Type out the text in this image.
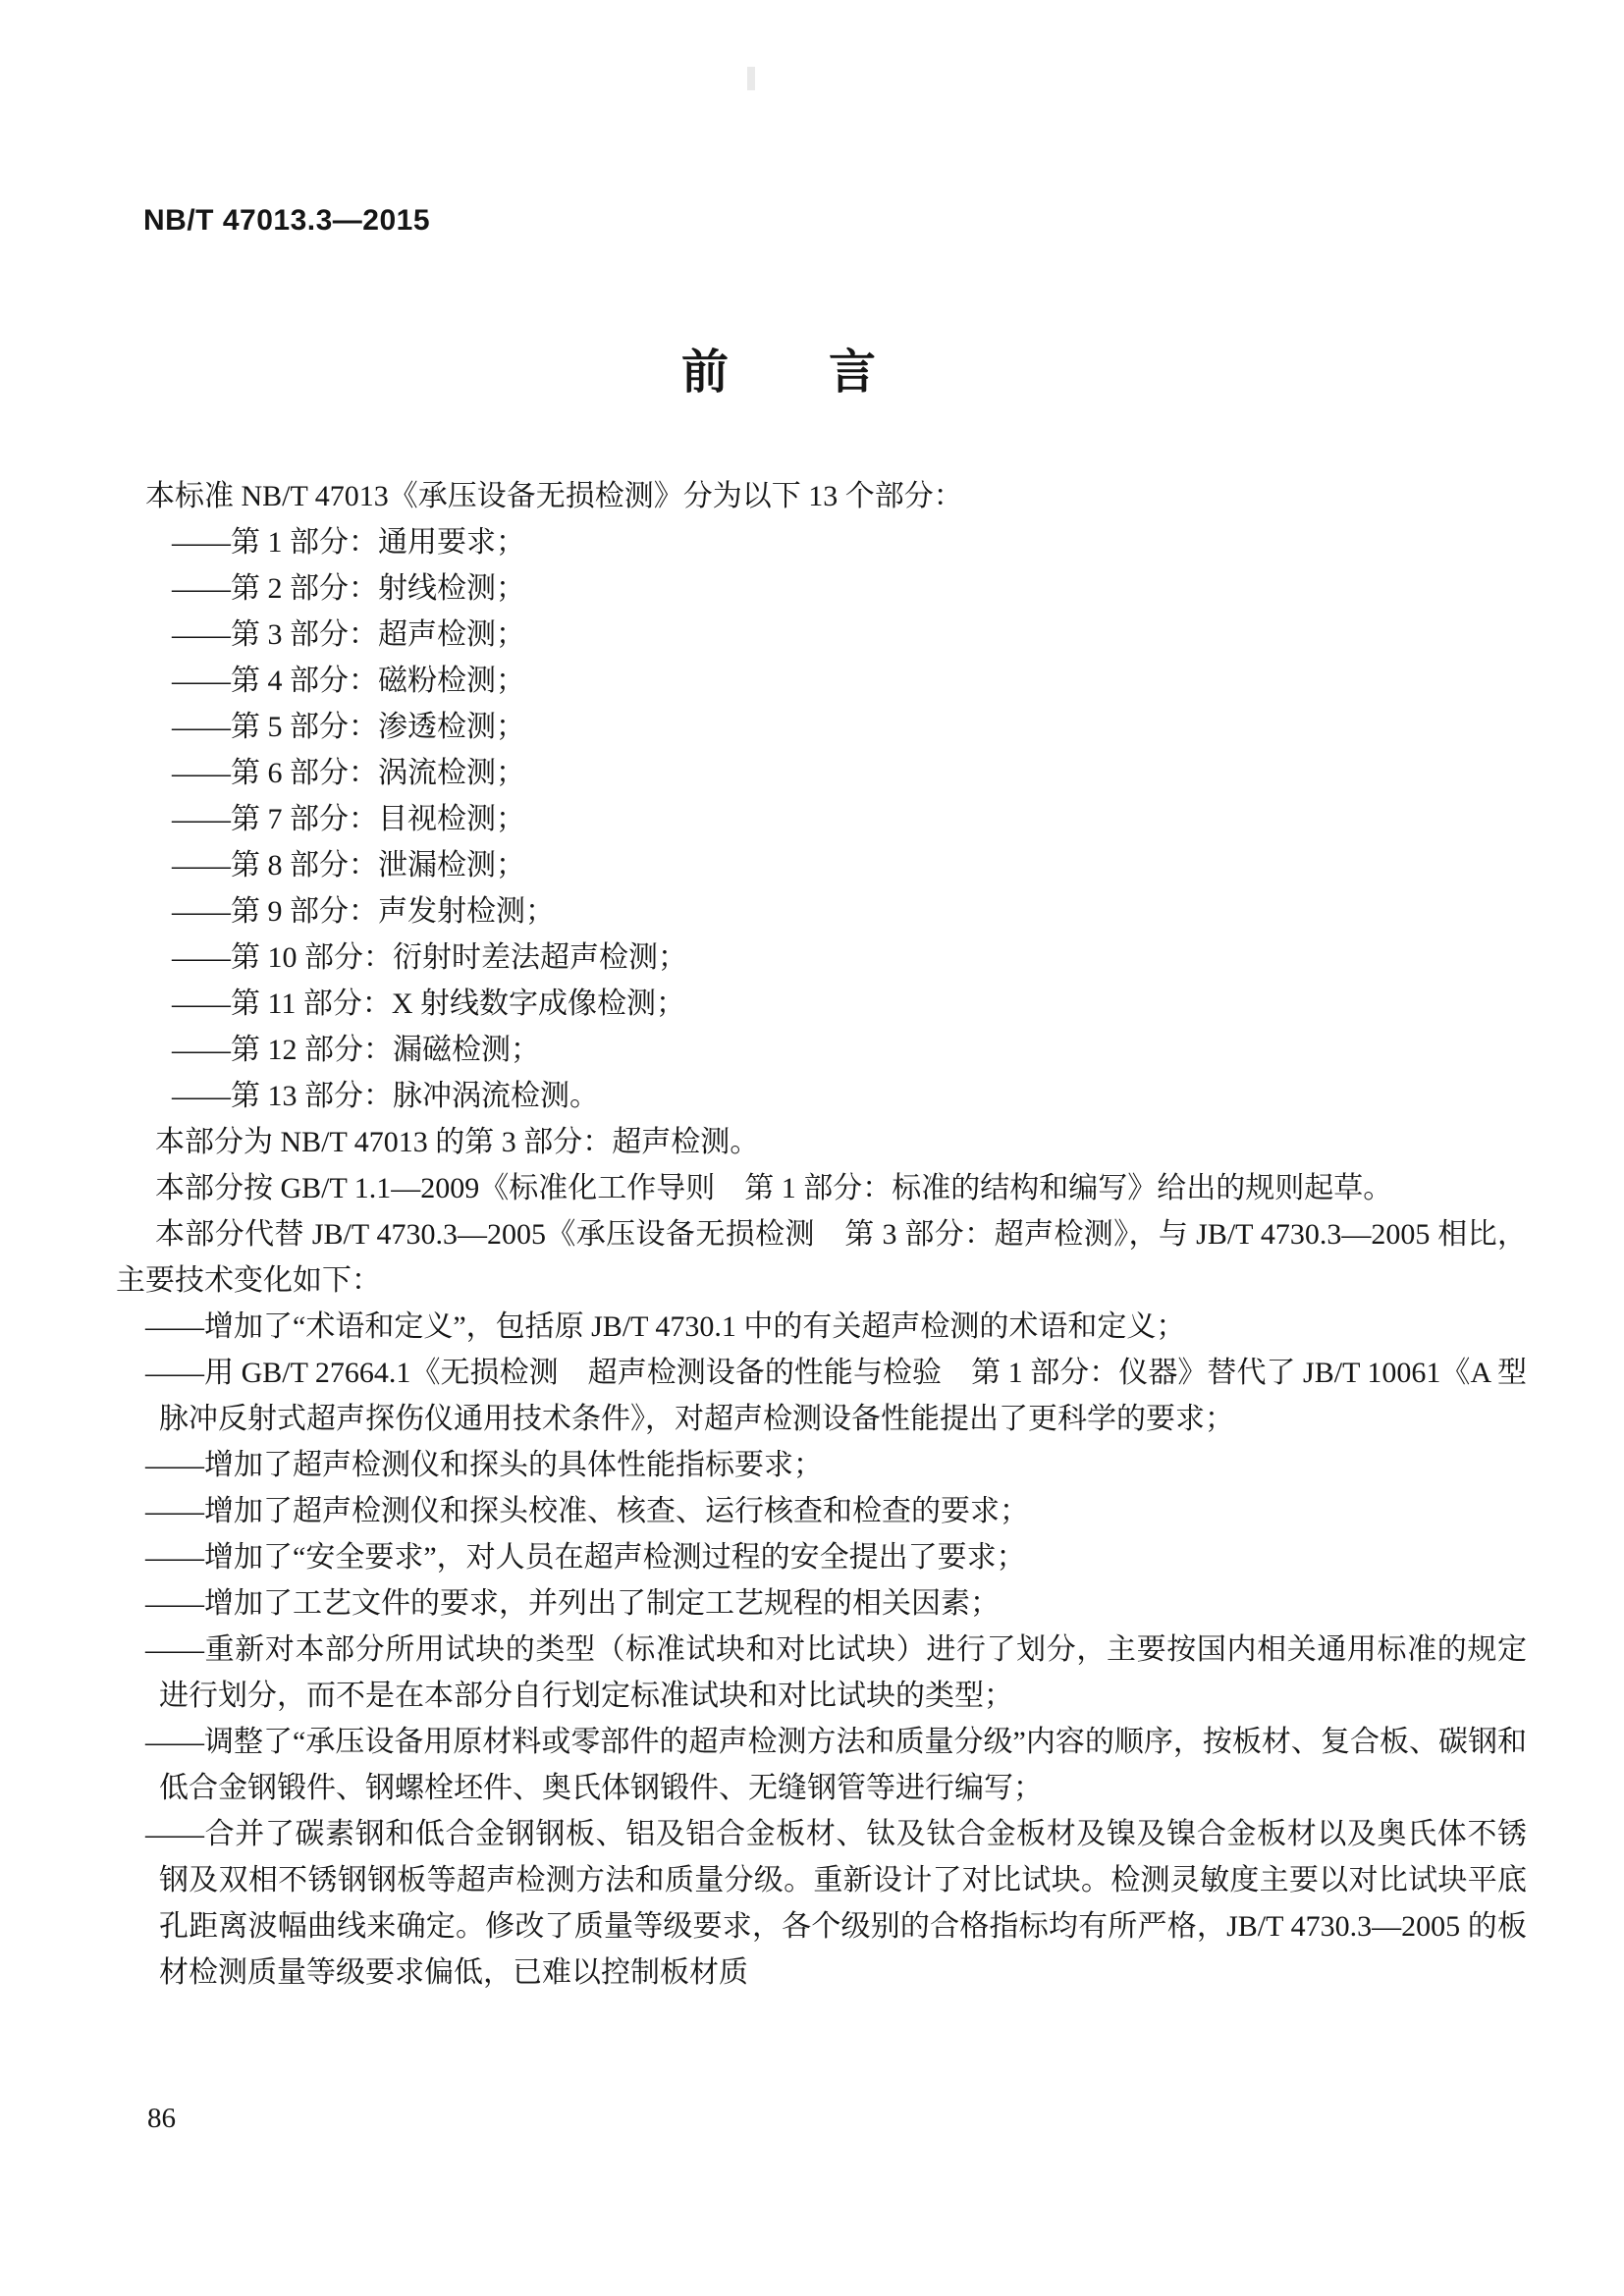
NB/T 47013.3—2015
前　　言

本标准 NB/T 47013《承压设备无损检测》分为以下 13 个部分：

——第 1 部分：通用要求；
——第 2 部分：射线检测；
——第 3 部分：超声检测；
——第 4 部分：磁粉检测；
——第 5 部分：渗透检测；
——第 6 部分：涡流检测；
——第 7 部分：目视检测；
——第 8 部分：泄漏检测；
——第 9 部分：声发射检测；
——第 10 部分：衍射时差法超声检测；
——第 11 部分：X 射线数字成像检测；
——第 12 部分：漏磁检测；
——第 13 部分：脉冲涡流检测。

本部分为 NB/T 47013 的第 3 部分：超声检测。

本部分按 GB/T 1.1—2009《标准化工作导则　第 1 部分：标准的结构和编写》给出的规则起草。

本部分代替 JB/T 4730.3—2005《承压设备无损检测　第 3 部分：超声检测》，与 JB/T 4730.3—2005 相比，主要技术变化如下：

——增加了“术语和定义”，包括原 JB/T 4730.1 中的有关超声检测的术语和定义；
——用 GB/T 27664.1《无损检测　超声检测设备的性能与检验　第 1 部分：仪器》替代了 JB/T 10061《A 型脉冲反射式超声探伤仪通用技术条件》，对超声检测设备性能提出了更科学的要求；
——增加了超声检测仪和探头的具体性能指标要求；
——增加了超声检测仪和探头校准、核查、运行核查和检查的要求；
——增加了“安全要求”，对人员在超声检测过程的安全提出了要求；
——增加了工艺文件的要求，并列出了制定工艺规程的相关因素；
——重新对本部分所用试块的类型（标准试块和对比试块）进行了划分，主要按国内相关通用标准的规定进行划分，而不是在本部分自行划定标准试块和对比试块的类型；
——调整了“承压设备用原材料或零部件的超声检测方法和质量分级”内容的顺序，按板材、复合板、碳钢和低合金钢锻件、钢螺栓坯件、奥氏体钢锻件、无缝钢管等进行编写；
——合并了碳素钢和低合金钢钢板、铝及铝合金板材、钛及钛合金板材及镍及镍合金板材以及奥氏体不锈钢及双相不锈钢钢板等超声检测方法和质量分级。重新设计了对比试块。检测灵敏度主要以对比试块平底孔距离波幅曲线来确定。修改了质量等级要求，各个级别的合格指标均有所严格，JB/T 4730.3—2005 的板材检测质量等级要求偏低，已难以控制板材质
86
